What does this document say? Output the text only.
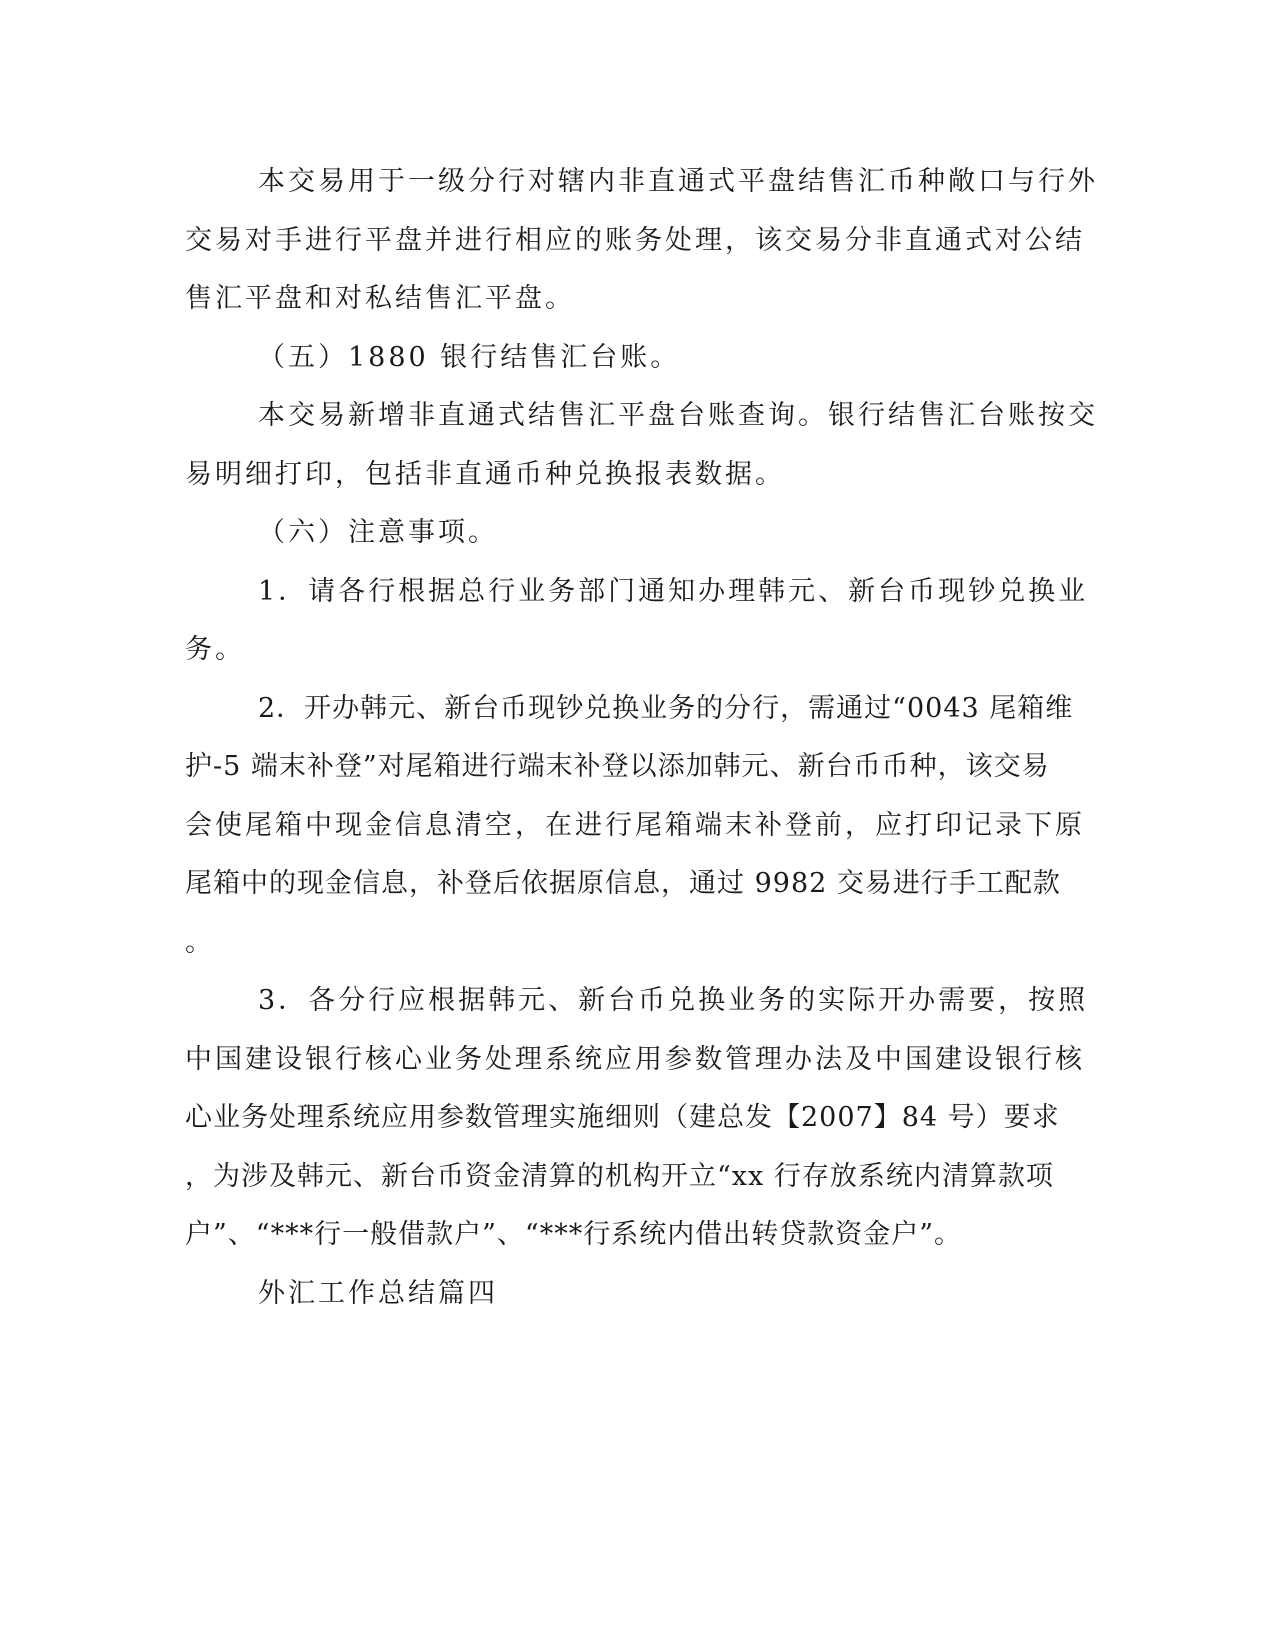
本交易用于一级分行对辖内非直通式平盘结售汇币种敞口与行外
交易对手进行平盘并进行相应的账务处理，该交易分非直通式对公结
售汇平盘和对私结售汇平盘。
（五）1880 银行结售汇台账。
本交易新增非直通式结售汇平盘台账查询。银行结售汇台账按交
易明细打印，包括非直通币种兑换报表数据。
（六）注意事项。
1．请各行根据总行业务部门通知办理韩元、新台币现钞兑换业
务。
2．开办韩元、新台币现钞兑换业务的分行，需通过“0043 尾箱维
护-5 端末补登”对尾箱进行端末补登以添加韩元、新台币币种，该交易
会使尾箱中现金信息清空，在进行尾箱端末补登前，应打印记录下原
尾箱中的现金信息，补登后依据原信息，通过 9982 交易进行手工配款
。
3．各分行应根据韩元、新台币兑换业务的实际开办需要，按照
中国建设银行核心业务处理系统应用参数管理办法及中国建设银行核
心业务处理系统应用参数管理实施细则（建总发【2007】84 号）要求
，为涉及韩元、新台币资金清算的机构开立“xx 行存放系统内清算款项
户”、“***行一般借款户”、“***行系统内借出转贷款资金户”。
外汇工作总结篇四
